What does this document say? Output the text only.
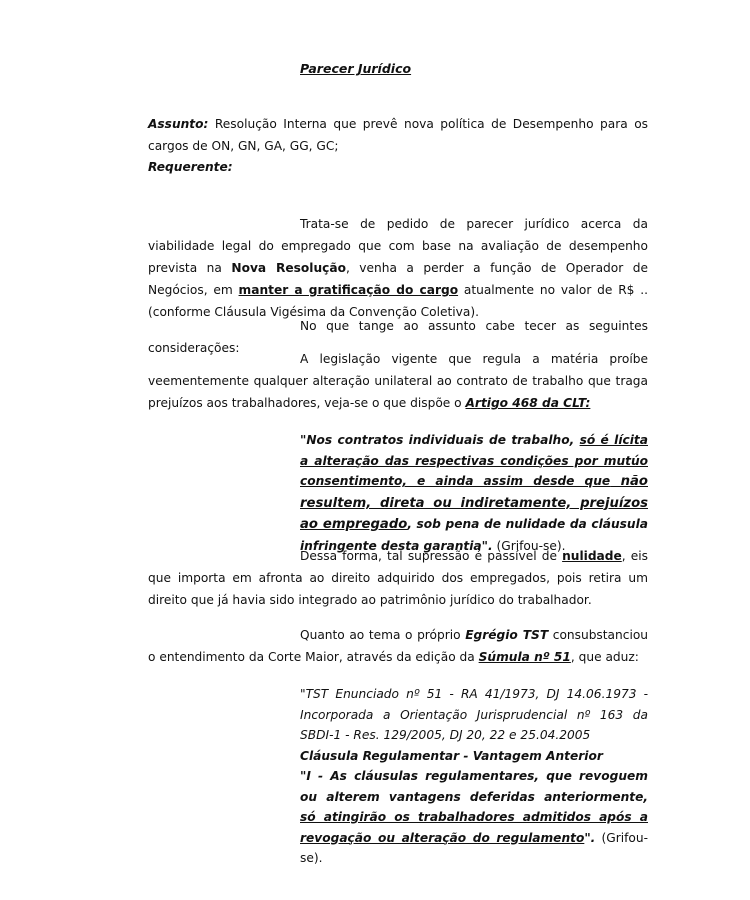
Parecer Jurídico
Assunto: Resolução Interna que prevê nova política de Desempenho para os cargos de ON, GN, GA, GG, GC;
Requerente:
Trata-se de pedido de parecer jurídico acerca da viabilidade legal do empregado que com base na avaliação de desempenho prevista na Nova Resolução, venha a perder a função de Operador de Negócios, em manter a gratificação do cargo atualmente no valor de R$ .. (conforme Cláusula Vigésima da Convenção Coletiva).
No que tange ao assunto cabe tecer as seguintes considerações:
A legislação vigente que regula a matéria proíbe veementemente qualquer alteração unilateral ao contrato de trabalho que traga prejuízos aos trabalhadores, veja-se o que dispõe o Artigo 468 da CLT:
"Nos contratos individuais de trabalho, só é lícita a alteração das respectivas condições por mutúo consentimento, e ainda assim desde que não resultem, direta ou indiretamente, prejuízos ao empregado, sob pena de nulidade da cláusula infringente desta garantia". (Grifou-se).
Dessa forma, tal supressão é passível de nulidade, eis que importa em afronta ao direito adquirido dos empregados, pois retira um direito que já havia sido integrado ao patrimônio jurídico do trabalhador.
Quanto ao tema o próprio Egrégio TST consubstanciou o entendimento da Corte Maior, através da edição da Súmula nº 51, que aduz:
"TST Enunciado nº 51 - RA 41/1973, DJ 14.06.1973 - Incorporada a Orientação Jurisprudencial nº 163 da SBDI-1 - Res. 129/2005, DJ 20, 22 e 25.04.2005
Cláusula Regulamentar - Vantagem Anterior
"I - As cláusulas regulamentares, que revoguem ou alterem vantagens deferidas anteriormente, só atingirão os trabalhadores admitidos após a revogação ou alteração do regulamento". (Grifou-se).
